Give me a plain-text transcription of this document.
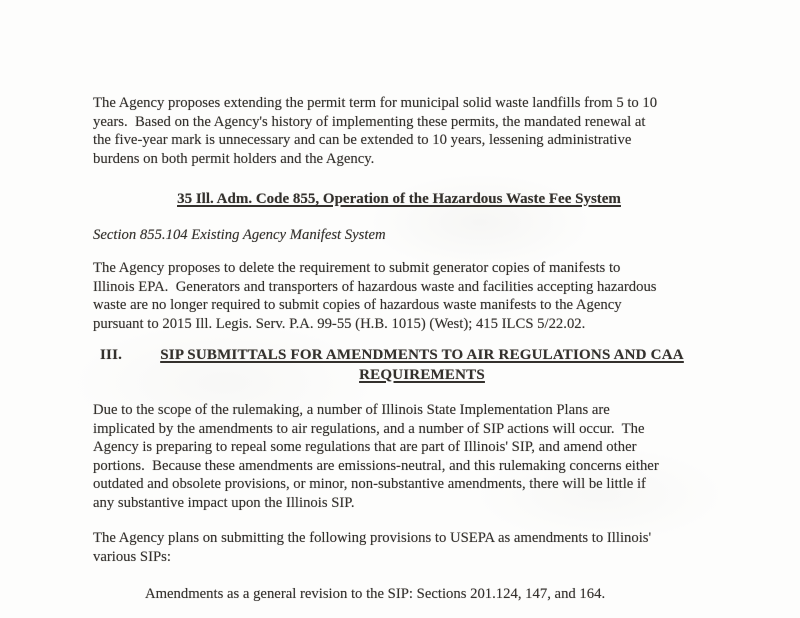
The Agency proposes extending the permit term for municipal solid waste landfills from 5 to 10
years.  Based on the Agency's history of implementing these permits, the mandated renewal at
the five-year mark is unnecessary and can be extended to 10 years, lessening administrative
burdens on both permit holders and the Agency.

35 Ill. Adm. Code 855, Operation of the Hazardous Waste Fee System

Section 855.104 Existing Agency Manifest System

The Agency proposes to delete the requirement to submit generator copies of manifests to
Illinois EPA.  Generators and transporters of hazardous waste and facilities accepting hazardous
waste are no longer required to submit copies of hazardous waste manifests to the Agency
pursuant to 2015 Ill. Legis. Serv. P.A. 99-55 (H.B. 1015) (West); 415 ILCS 5/22.02.

III.	SIP SUBMITTALS FOR AMENDMENTS TO AIR REGULATIONS AND CAA
REQUIREMENTS

Due to the scope of the rulemaking, a number of Illinois State Implementation Plans are
implicated by the amendments to air regulations, and a number of SIP actions will occur.  The
Agency is preparing to repeal some regulations that are part of Illinois' SIP, and amend other
portions.  Because these amendments are emissions-neutral, and this rulemaking concerns either
outdated and obsolete provisions, or minor, non-substantive amendments, there will be little if
any substantive impact upon the Illinois SIP.

The Agency plans on submitting the following provisions to USEPA as amendments to Illinois'
various SIPs:

Amendments as a general revision to the SIP: Sections 201.124, 147, and 164.
